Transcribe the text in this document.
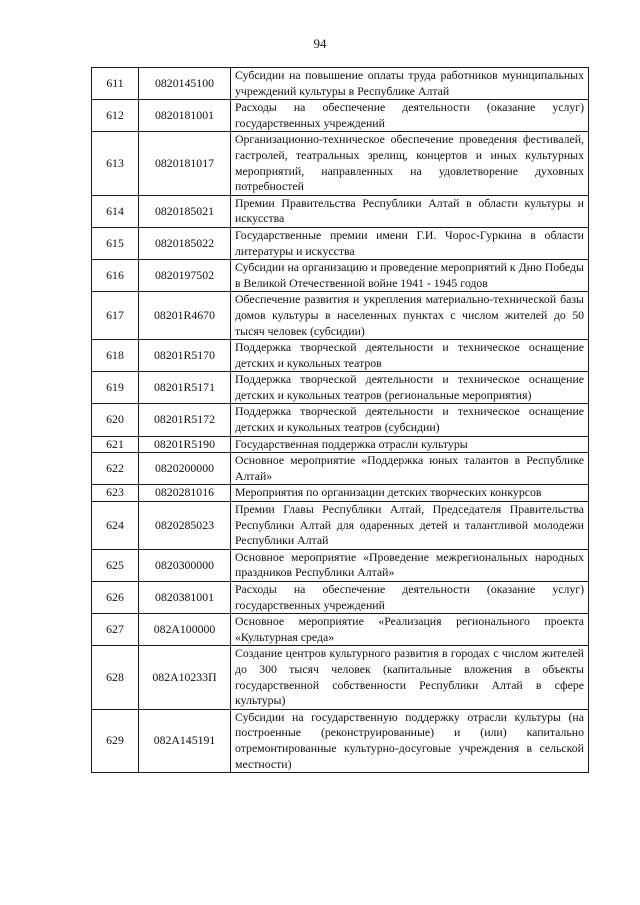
94
611	0820145100	Субсидии на повышение оплаты труда работников муниципальных учреждений культуры в Республике Алтай
612	0820181001	Расходы на обеспечение деятельности (оказание услуг) государственных учреждений
613	0820181017	Организационно-техническое обеспечение проведения фестивалей, гастролей, театральных зрелищ, концертов и иных культурных мероприятий, направленных на удовлетворение духовных потребностей
614	0820185021	Премии Правительства Республики Алтай в области культуры и искусства
615	0820185022	Государственные премии имени Г.И. Чорос-Гуркина в области литературы и искусства
616	0820197502	Субсидии на организацию и проведение мероприятий к Дню Победы в Великой Отечественной войне 1941 - 1945 годов
617	08201R4670	Обеспечение развития и укрепления материально-технической базы домов культуры в населенных пунктах с числом жителей до 50 тысяч человек (субсидии)
618	08201R5170	Поддержка творческой деятельности и техническое оснащение детских и кукольных театров
619	08201R5171	Поддержка творческой деятельности и техническое оснащение детских и кукольных театров (региональные мероприятия)
620	08201R5172	Поддержка творческой деятельности и техническое оснащение детских и кукольных театров (субсидии)
621	08201R5190	Государственная поддержка отрасли культуры
622	0820200000	Основное мероприятие «Поддержка юных талантов в Республике Алтай»
623	0820281016	Мероприятия по организации детских творческих конкурсов
624	0820285023	Премии Главы Республики Алтай, Председателя Правительства Республики Алтай для одаренных детей и талантливой молодежи Республики Алтай
625	0820300000	Основное мероприятие «Проведение межрегиональных народных праздников Республики Алтай»
626	0820381001	Расходы на обеспечение деятельности (оказание услуг) государственных учреждений
627	082A100000	Основное мероприятие «Реализация регионального проекта «Культурная среда»
628	082A10233П	Создание центров культурного развития в городах с числом жителей до 300 тысяч человек (капитальные вложения в объекты государственной собственности Республики Алтай в сфере культуры)
629	082A145191	Субсидии на государственную поддержку отрасли культуры (на построенные (реконструированные) и (или) капитально отремонтированные культурно-досуговые учреждения в сельской местности)
